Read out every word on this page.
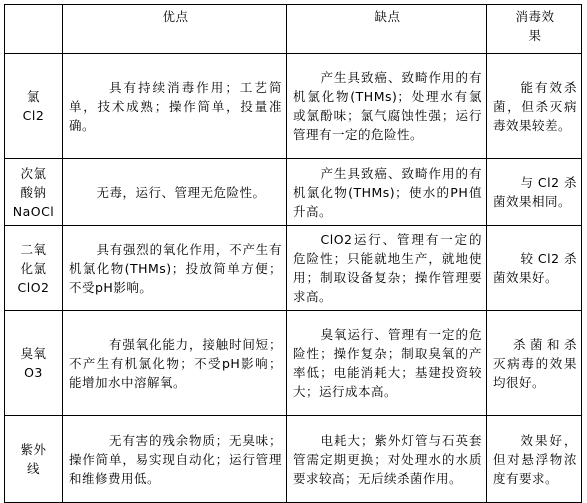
	优点	缺点	消毒效
果

氯
Cl2	具有持续消毒作用；工艺简单，技术成熟；操作简单，投量准确。	产生具致癌、致畸作用的有机氯化物(THMs)；处理水有氯或氯酚味；氯气腐蚀性强；运行管理有一定的危险性。	能有效杀菌，但杀灭病毒效果较差。

次氯
酸钠
NaOCl	无毒，运行、管理无危险性。	产生具致癌、致畸作用的有机氯化物(THMs)；使水的PH值升高。	与Cl2杀菌效果相同。

二氧
化氯
ClO2	具有强烈的氧化作用，不产生有机氯化物(THMs)；投放简单方便；不受pH影响。	ClO2运行、管理有一定的危险性；只能就地生产，就地使用；制取设备复杂；操作管理要求高。	较Cl2杀菌效果好。

臭氧
O3	有强氧化能力，接触时间短；不产生有机氯化物；不受pH影响；能增加水中溶解氧。	臭氧运行、管理有一定的危险性；操作复杂；制取臭氧的产率低；电能消耗大；基建投资较大；运行成本高。	杀菌和杀灭病毒的效果均很好。

紫外
线	无有害的残余物质；无臭味；操作简单，易实现自动化；运行管理和维修费用低。	电耗大；紫外灯管与石英套管需定期更换；对处理水的水质要求较高；无后续杀菌作用。	效果好，但对悬浮物浓度有要求。
